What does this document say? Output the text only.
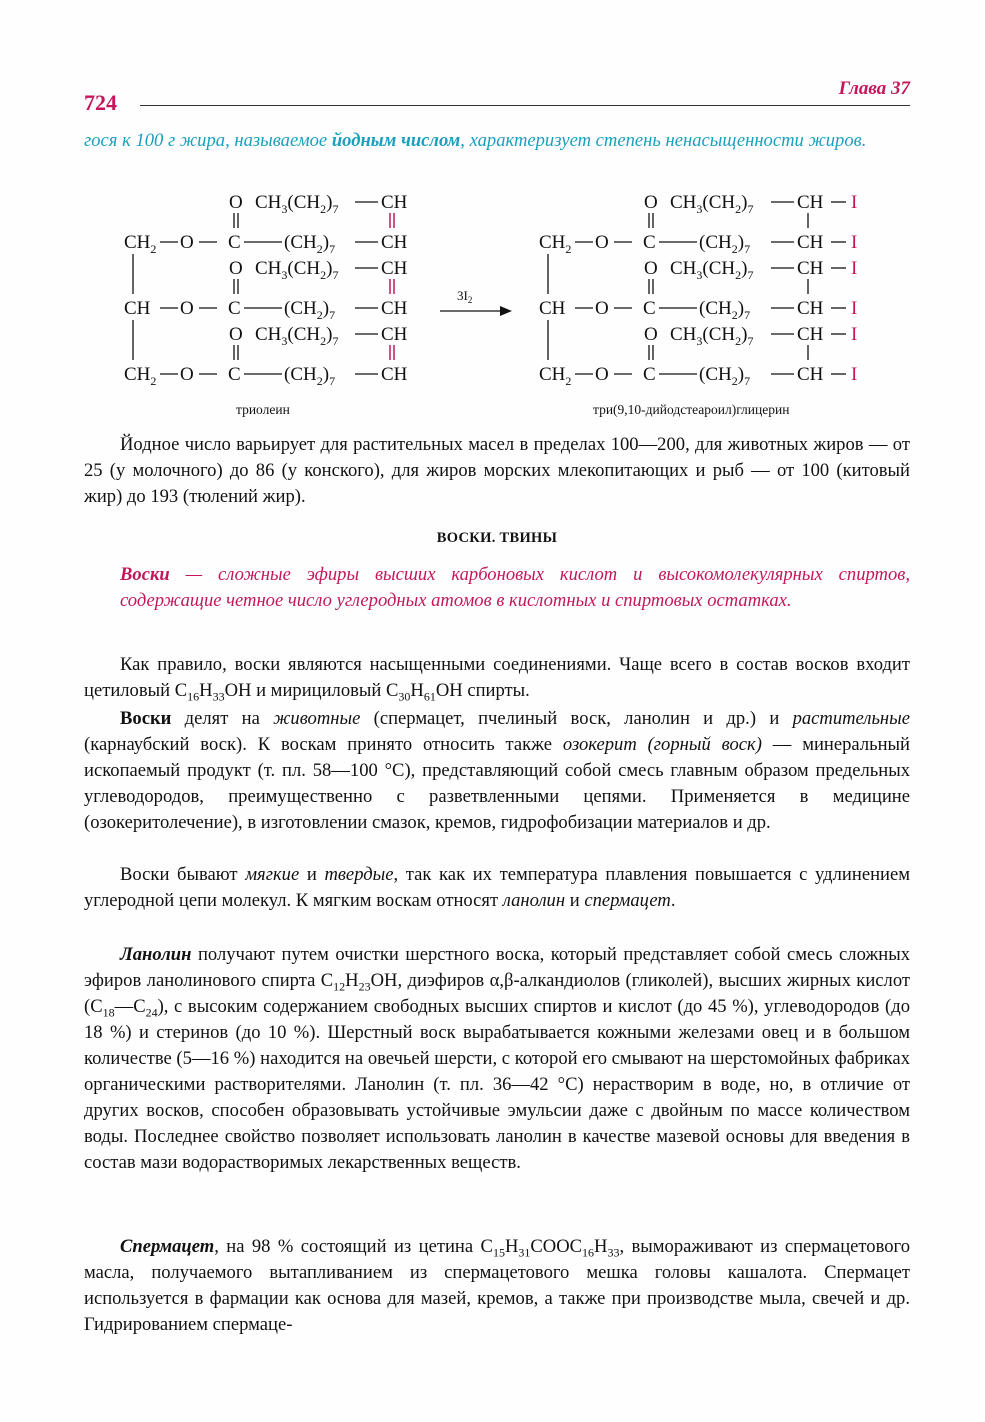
724
Глава 37
гося к 100 г жира, называемое йодным числом, характеризует степень ненасыщенности жиров.
O $CH_3(CH_2)_7$ CH
$CH_2$ O C $(CH_2)_7$ CH
O $CH_3(CH_2)_7$ CH
CH O C $(CH_2)_7$ CH
O $CH_3(CH_2)_7$ CH
$CH_2$ O C $(CH_2)_7$ CH
$3I_2$
O $CH_3(CH_2)_7$ CH I
$CH_2$ O C $(CH_2)_7$ CH I
O $CH_3(CH_2)_7$ CH I
CH O C $(CH_2)_7$ CH I
O $CH_3(CH_2)_7$ CH I
$CH_2$ O C $(CH_2)_7$ CH I
триолеин	три(9,10-дийодстеароил)глицерин
Йодное число варьирует для растительных масел в пределах 100—200, для животных жиров — от 25 (у молочного) до 86 (у конского), для жиров морских млекопитающих и рыб — от 100 (китовый жир) до 193 (тюлений жир).
ВОСКИ. ТВИНЫ
Воски — сложные эфиры высших карбоновых кислот и высокомолекулярных спиртов, содержащие четное число углеродных атомов в кислотных и спиртовых остатках.
Как правило, воски являются насыщенными соединениями. Чаще всего в состав восков входит цетиловый $C_{16}H_{33}OH$ и мирициловый $C_{30}H_{61}OH$ спирты.
Воски делят на животные (спермацет, пчелиный воск, ланолин и др.) и растительные (карнаубский воск). К воскам принято относить также озокерит (горный воск) — минеральный ископаемый продукт (т. пл. 58—100 °C), представляющий собой смесь главным образом предельных углеводородов, преимущественно с разветвленными цепями. Применяется в медицине (озокеритолечение), в изготовлении смазок, кремов, гидрофобизации материалов и др.
Воски бывают мягкие и твердые, так как их температура плавления повышается с удлинением углеродной цепи молекул. К мягким воскам относят ланолин и спермацет.
Ланолин получают путем очистки шерстного воска, который представляет собой смесь сложных эфиров ланолинового спирта $C_{12}H_{23}OH$, диэфиров α,β-алкандиолов (гликолей), высших жирных кислот $(C_{18}—C_{24})$, с высоким содержанием свободных высших спиртов и кислот (до 45 %), углеводородов (до 18 %) и стеринов (до 10 %). Шерстный воск вырабатывается кожными железами овец и в большом количестве (5—16 %) находится на овечьей шерсти, с которой его смывают на шерстомойных фабриках органическими растворителями. Ланолин (т. пл. 36—42 °C) нерастворим в воде, но, в отличие от других восков, способен образовывать устойчивые эмульсии даже с двойным по массе количеством воды. Последнее свойство позволяет использовать ланолин в качестве мазевой основы для введения в состав мази водорастворимых лекарственных веществ.
Спермацет, на 98 % состоящий из цетина $C_{15}H_{31}COOC_{16}H_{33}$, вымораживают из спермацетового масла, получаемого вытапливанием из спермацетового мешка головы кашалота. Спермацет используется в фармации как основа для мазей, кремов, а также при производстве мыла, свечей и др. Гидрированием спермаце-
